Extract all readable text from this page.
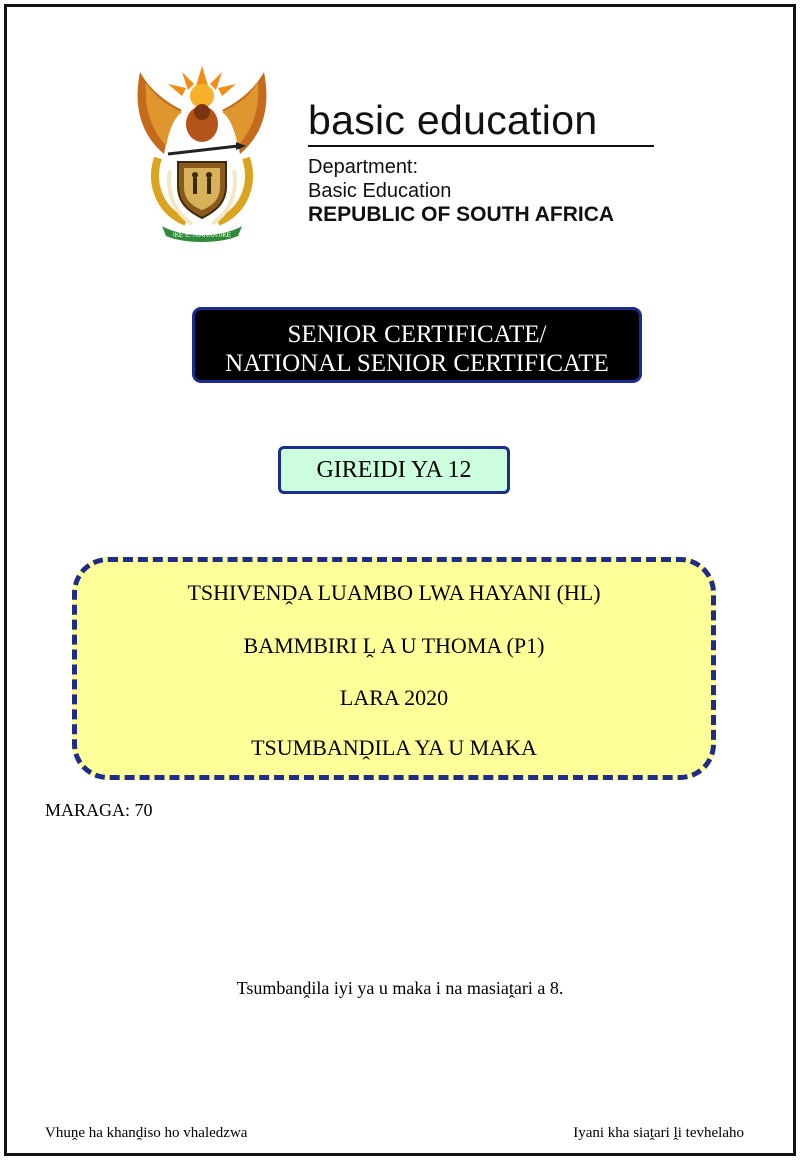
!KE E: /XARRA //KE
basic education
Department:
Basic Education
REPUBLIC OF SOUTH AFRICA
SENIOR CERTIFICATE/
NATIONAL SENIOR CERTIFICATE
GIREIDI YA 12
TSHIVENḒA LUAMBO LWA HAYANI (HL)
BAMMBIRI Ḽ A U THOMA (P1)
LARA 2020
TSUMBANḒILA YA U MAKA
MARAGA: 70
Tsumbanḓila iyi ya u maka i na masiaṱari a 8.
Vhuṋe ha khanḓiso ho vhaledzwa	Iyani kha siaṱari ḽi tevhelaho
